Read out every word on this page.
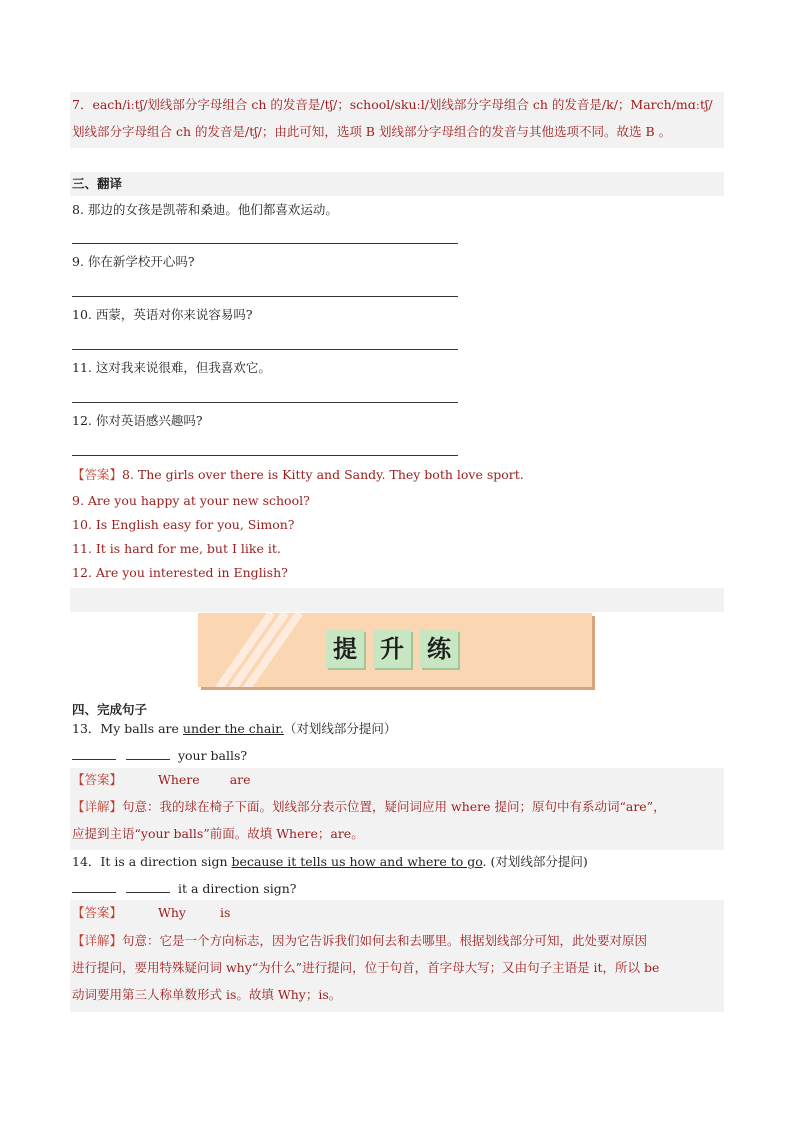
7．each/iːtʃ/划线部分字母组合 ch 的发音是/tʃ/；school/skuːl/划线部分字母组合 ch 的发音是/k/；March/mɑːtʃ/
划线部分字母组合 ch 的发音是/tʃ/；由此可知，选项 B 划线部分字母组合的发音与其他选项不同。故选 B 。
三、翻译
8. 那边的女孩是凯蒂和桑迪。他们都喜欢运动。
9. 你在新学校开心吗?
10. 西蒙，英语对你来说容易吗?
11. 这对我来说很难，但我喜欢它。
12. 你对英语感兴趣吗?
【答案】8. The girls over there is Kitty and Sandy. They both love sport.
9. Are you happy at your new school?
10. Is English easy for you, Simon?
11. It is hard for me, but I like it.
12. Are you interested in English?
提 升 练
四、完成句子
13．My balls are under the chair.（对划线部分提问）
your balls?
【答案】	Where are
【详解】句意：我的球在椅子下面。划线部分表示位置，疑问词应用 where 提问；原句中有系动词“are”，
应提到主语“your balls”前面。故填 Where；are。
14．It is a direction sign because it tells us how and where to go. (对划线部分提问)
it a direction sign?
【答案】	Why	is
【详解】句意：它是一个方向标志，因为它告诉我们如何去和去哪里。根据划线部分可知，此处要对原因
进行提问，要用特殊疑问词 why“为什么”进行提问，位于句首，首字母大写；又由句子主语是 it，所以 be
动词要用第三人称单数形式 is。故填 Why；is。
